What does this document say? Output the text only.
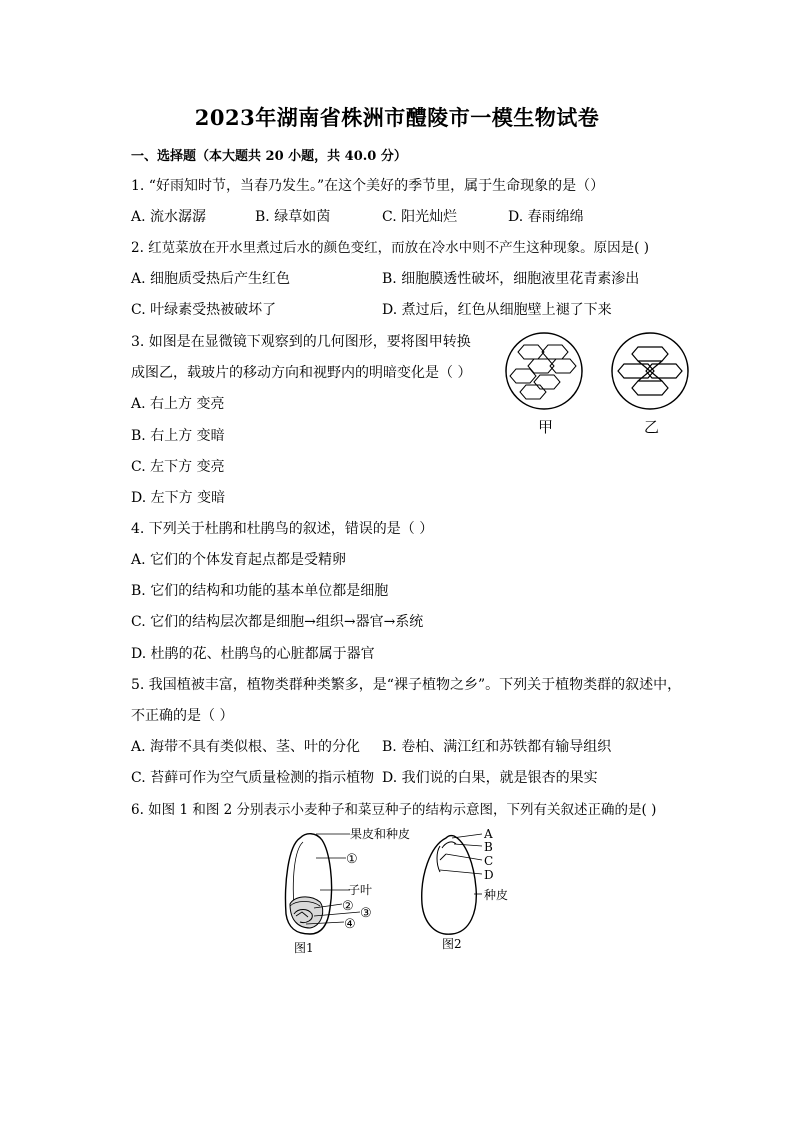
2023年湖南省株洲市醴陵市一模生物试卷
一、选择题（本大题共 20 小题，共 40.0 分）
1. “好雨知时节，当春乃发生。”在这个美好的季节里，属于生命现象的是（）
A. 流水潺潺	B. 绿草如茵	C. 阳光灿烂	D. 春雨绵绵
2. 红苋菜放在开水里煮过后水的颜色变红，而放在冷水中则不产生这种现象。原因是( )
A. 细胞质受热后产生红色	B. 细胞膜透性破坏，细胞液里花青素渗出
C. 叶绿素受热被破坏了	D. 煮过后，红色从细胞壁上褪了下来
3. 如图是在显微镜下观察到的几何图形，要将图甲转换
成图乙，载玻片的移动方向和视野内的明暗变化是（ ）
A. 右上方 变亮
B. 右上方 变暗
C. 左下方 变亮
D. 左下方 变暗
甲	乙
4. 下列关于杜鹃和杜鹃鸟的叙述，错误的是（ ）
A. 它们的个体发育起点都是受精卵
B. 它们的结构和功能的基本单位都是细胞
C. 它们的结构层次都是细胞→组织→器官→系统
D. 杜鹃的花、杜鹃鸟的心脏都属于器官
5. 我国植被丰富，植物类群种类繁多，是“裸子植物之乡”。下列关于植物类群的叙述中，
不正确的是（ ）
A. 海带不具有类似根、茎、叶的分化 B. 卷柏、满江红和苏铁都有输导组织
C. 苔藓可作为空气质量检测的指示植物 D. 我们说的白果，就是银杏的果实
6. 如图 1 和图 2 分别表示小麦种子和菜豆种子的结构示意图，下列有关叙述正确的是( )
果皮和种皮
①
子叶
② ③
④
图1
A
B
C
D
种皮
图2
